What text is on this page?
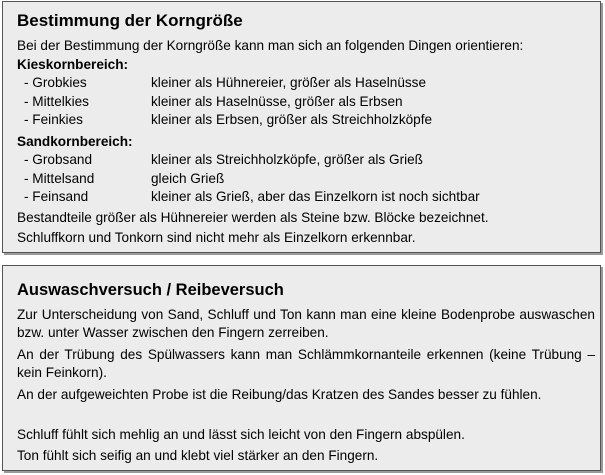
Bestimmung der Korngröße
Bei der Bestimmung der Korngröße kann man sich an folgenden Dingen orientieren:
Kieskornbereich:
- Grobkies	kleiner als Hühnereier, größer als Haselnüsse
- Mittelkies	kleiner als Haselnüsse, größer als Erbsen
- Feinkies	kleiner als Erbsen, größer als Streichholzköpfe
Sandkornbereich:
- Grobsand	kleiner als Streichholzköpfe, größer als Grieß
- Mittelsand	gleich Grieß
- Feinsand	kleiner als Grieß, aber das Einzelkorn ist noch sichtbar
Bestandteile größer als Hühnereier werden als Steine bzw. Blöcke bezeichnet.
Schluffkorn und Tonkorn sind nicht mehr als Einzelkorn erkennbar.
Auswaschversuch / Reibeversuch
Zur Unterscheidung von Sand, Schluff und Ton kann man eine kleine Bodenprobe auswaschen bzw. unter Wasser zwischen den Fingern zerreiben.
An der Trübung des Spülwassers kann man Schlämmkornanteile erkennen (keine Trübung – kein Feinkorn).
An der aufgeweichten Probe ist die Reibung/das Kratzen des Sandes besser zu fühlen.
Schluff fühlt sich mehlig an und lässt sich leicht von den Fingern abspülen.
Ton fühlt sich seifig an und klebt viel stärker an den Fingern.
